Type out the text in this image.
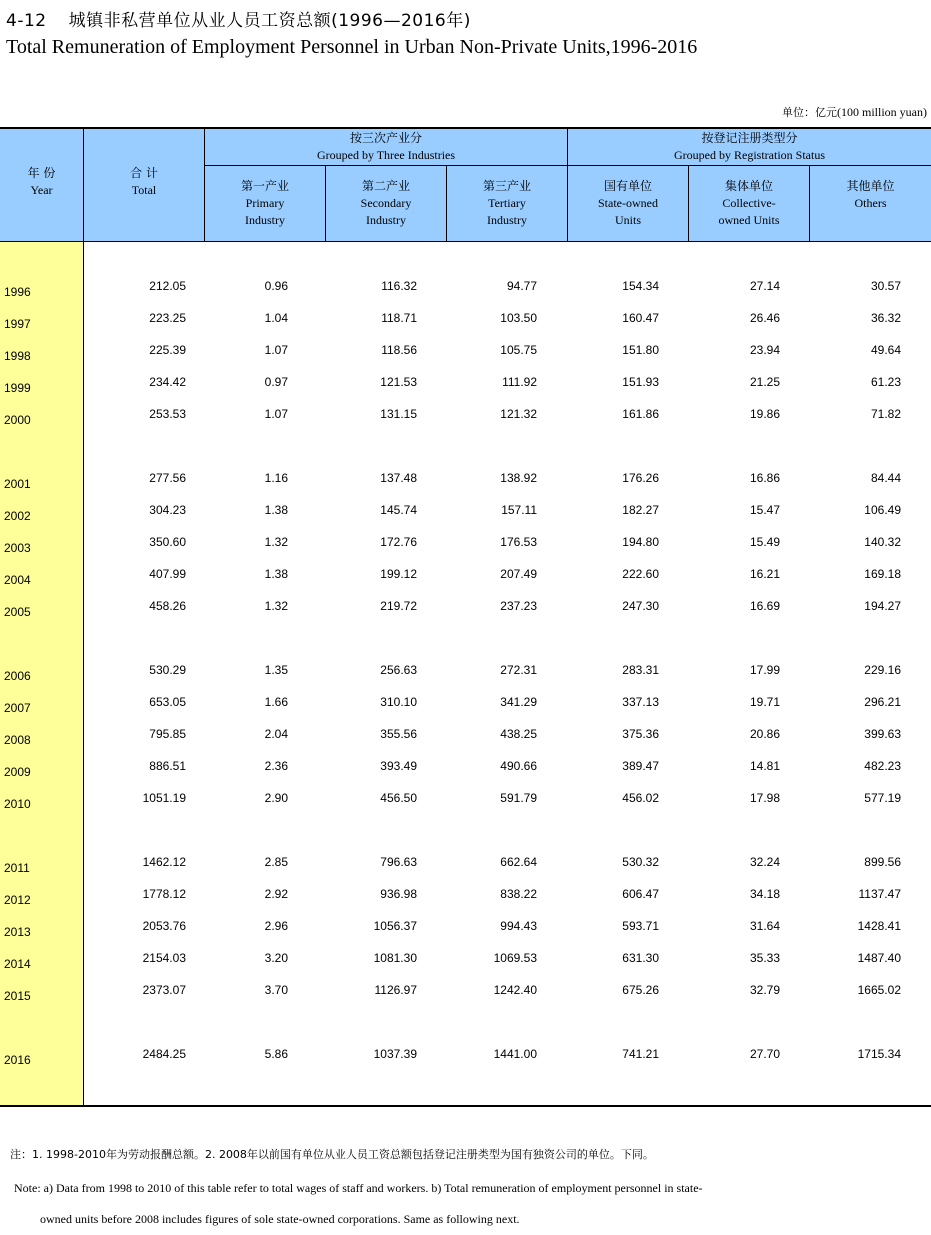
4-12 城镇非私营单位从业人员工资总额(1996—2016年)
Total Remuneration of Employment Personnel in Urban Non-Private Units,1996-2016
单位：亿元(100 million yuan)
年 份
Year
合 计
Total
按三次产业分
Grouped by Three Industries
按登记注册类型分
Grouped by Registration Status
第一产业
Primary
Industry
第二产业
Secondary
Industry
第三产业
Tertiary
Industry
国有单位
State-owned
Units
集体单位
Collective-
owned Units
其他单位
Others
1996	212.05	0.96	116.32	94.77	154.34	27.14	30.57
1997	223.25	1.04	118.71	103.50	160.47	26.46	36.32
1998	225.39	1.07	118.56	105.75	151.80	23.94	49.64
1999	234.42	0.97	121.53	111.92	151.93	21.25	61.23
2000	253.53	1.07	131.15	121.32	161.86	19.86	71.82
2001	277.56	1.16	137.48	138.92	176.26	16.86	84.44
2002	304.23	1.38	145.74	157.11	182.27	15.47	106.49
2003	350.60	1.32	172.76	176.53	194.80	15.49	140.32
2004	407.99	1.38	199.12	207.49	222.60	16.21	169.18
2005	458.26	1.32	219.72	237.23	247.30	16.69	194.27
2006	530.29	1.35	256.63	272.31	283.31	17.99	229.16
2007	653.05	1.66	310.10	341.29	337.13	19.71	296.21
2008	795.85	2.04	355.56	438.25	375.36	20.86	399.63
2009	886.51	2.36	393.49	490.66	389.47	14.81	482.23
2010	1051.19	2.90	456.50	591.79	456.02	17.98	577.19
2011	1462.12	2.85	796.63	662.64	530.32	32.24	899.56
2012	1778.12	2.92	936.98	838.22	606.47	34.18	1137.47
2013	2053.76	2.96	1056.37	994.43	593.71	31.64	1428.41
2014	2154.03	3.20	1081.30	1069.53	631.30	35.33	1487.40
2015	2373.07	3.70	1126.97	1242.40	675.26	32.79	1665.02
2016	2484.25	5.86	1037.39	1441.00	741.21	27.70	1715.34
注：1. 1998-2010年为劳动报酬总额。2. 2008年以前国有单位从业人员工资总额包括登记注册类型为国有独资公司的单位。下同。
Note: a) Data from 1998 to 2010 of this table refer to total wages of staff and workers. b) Total remuneration of employment personnel in state-
owned units before 2008 includes figures of sole state-owned corporations. Same as following next.
